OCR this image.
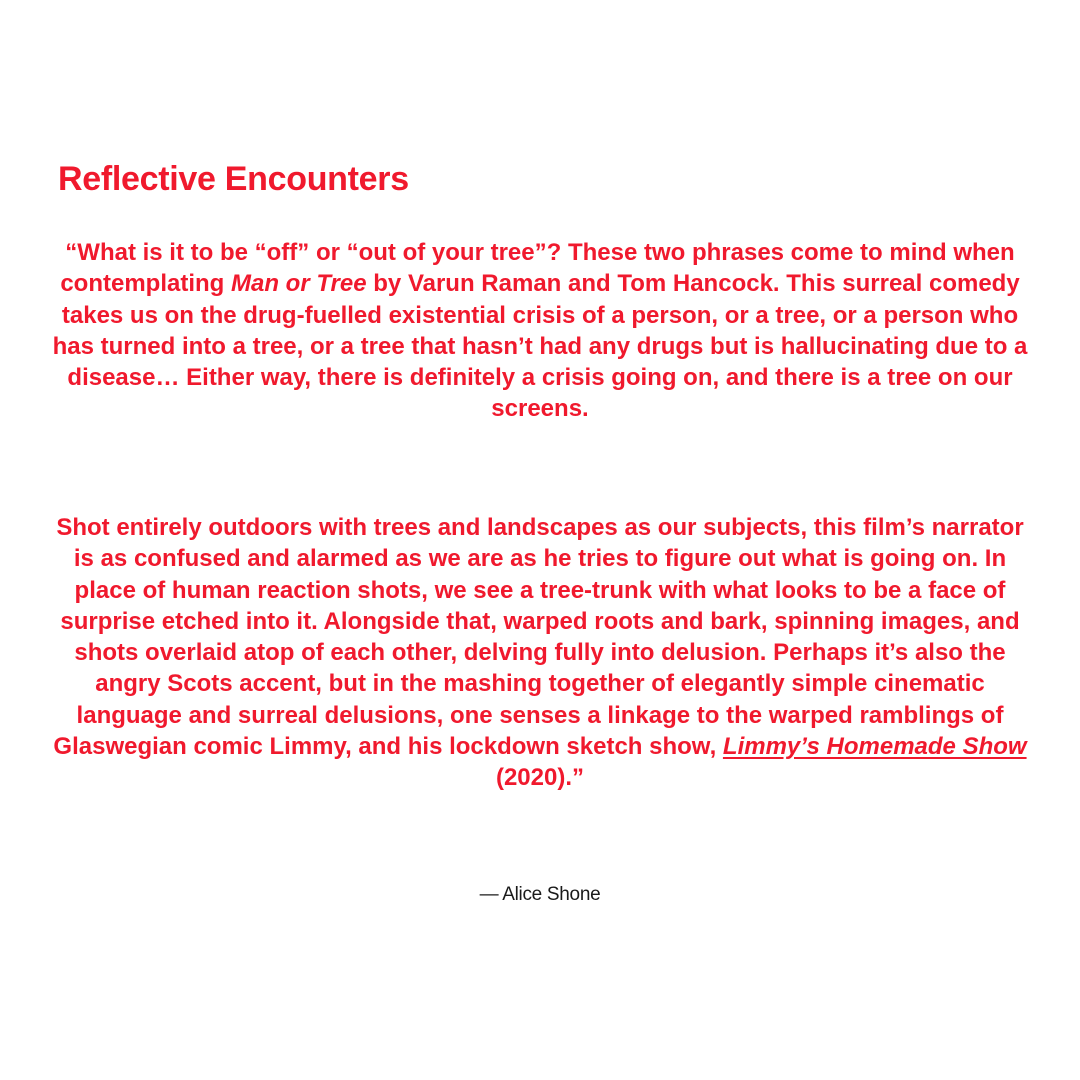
Reflective Encounters

“What is it to be “off” or “out of your tree”? These two phrases come to mind when contemplating Man or Tree by Varun Raman and Tom Hancock. This surreal comedy takes us on the drug-fuelled existential crisis of a person, or a tree, or a person who has turned into a tree, or a tree that hasn’t had any drugs but is hallucinating due to a disease… Either way, there is definitely a crisis going on, and there is a tree on our screens.

Shot entirely outdoors with trees and landscapes as our subjects, this film’s narrator is as confused and alarmed as we are as he tries to figure out what is going on. In place of human reaction shots, we see a tree-trunk with what looks to be a face of surprise etched into it. Alongside that, warped roots and bark, spinning images, and shots overlaid atop of each other, delving fully into delusion. Perhaps it’s also the angry Scots accent, but in the mashing together of elegantly simple cinematic language and surreal delusions, one senses a linkage to the warped ramblings of Glaswegian comic Limmy, and his lockdown sketch show, Limmy’s Homemade Show (2020).”

— Alice Shone
